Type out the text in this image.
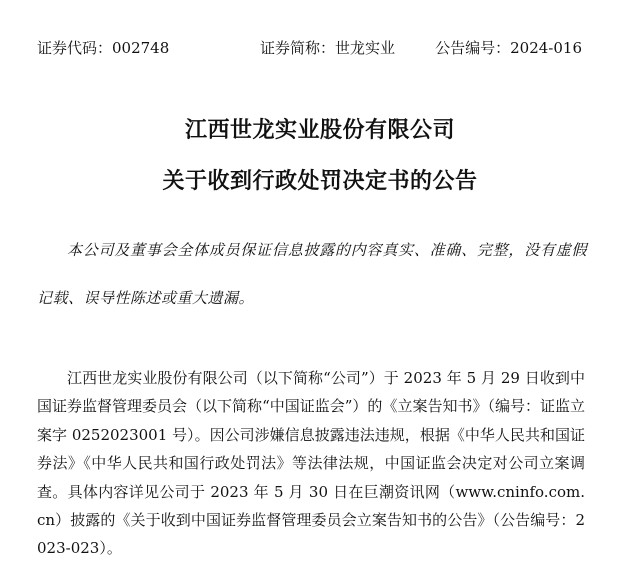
证券代码：002748	证券简称：世龙实业	公告编号：2024-016
江西世龙实业股份有限公司
关于收到行政处罚决定书的公告
本公司及董事会全体成员保证信息披露的内容真实、准确、完整，没有虚假记载、误导性陈述或重大遗漏。
江西世龙实业股份有限公司（以下简称“公司”）于 2023 年 5 月 29 日收到中国证券监督管理委员会（以下简称“中国证监会”）的《立案告知书》（编号：证监立案字 0252023001 号）。因公司涉嫌信息披露违法违规，根据《中华人民共和国证券法》《中华人民共和国行政处罚法》等法律法规，中国证监会决定对公司立案调查。具体内容详见公司于 2023 年 5 月 30 日在巨潮资讯网（www.cninfo.com.cn）披露的《关于收到中国证券监督管理委员会立案告知书的公告》（公告编号：2023-023）。
